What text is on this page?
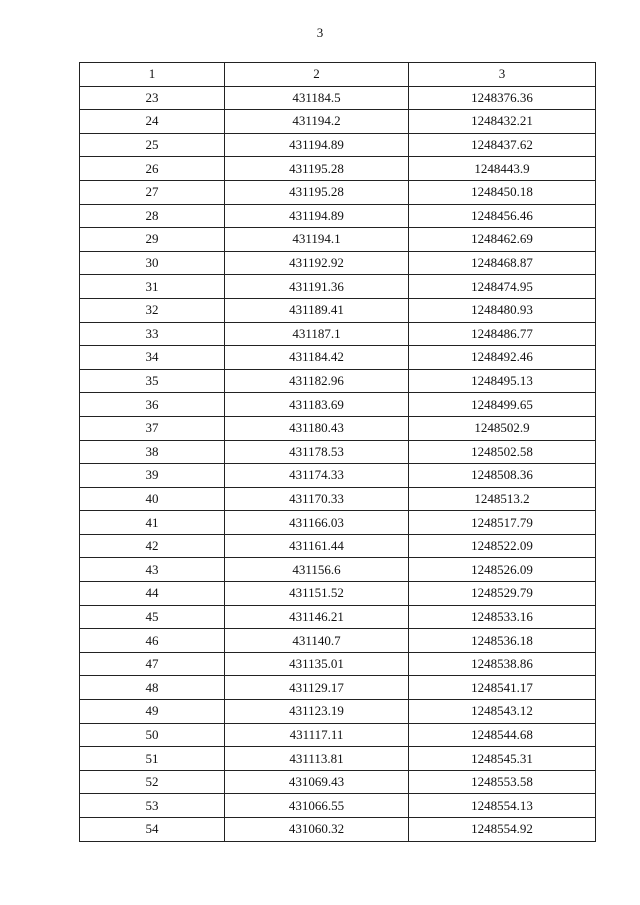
3
1	2	3
23	431184.5	1248376.36
24	431194.2	1248432.21
25	431194.89	1248437.62
26	431195.28	1248443.9
27	431195.28	1248450.18
28	431194.89	1248456.46
29	431194.1	1248462.69
30	431192.92	1248468.87
31	431191.36	1248474.95
32	431189.41	1248480.93
33	431187.1	1248486.77
34	431184.42	1248492.46
35	431182.96	1248495.13
36	431183.69	1248499.65
37	431180.43	1248502.9
38	431178.53	1248502.58
39	431174.33	1248508.36
40	431170.33	1248513.2
41	431166.03	1248517.79
42	431161.44	1248522.09
43	431156.6	1248526.09
44	431151.52	1248529.79
45	431146.21	1248533.16
46	431140.7	1248536.18
47	431135.01	1248538.86
48	431129.17	1248541.17
49	431123.19	1248543.12
50	431117.11	1248544.68
51	431113.81	1248545.31
52	431069.43	1248553.58
53	431066.55	1248554.13
54	431060.32	1248554.92
